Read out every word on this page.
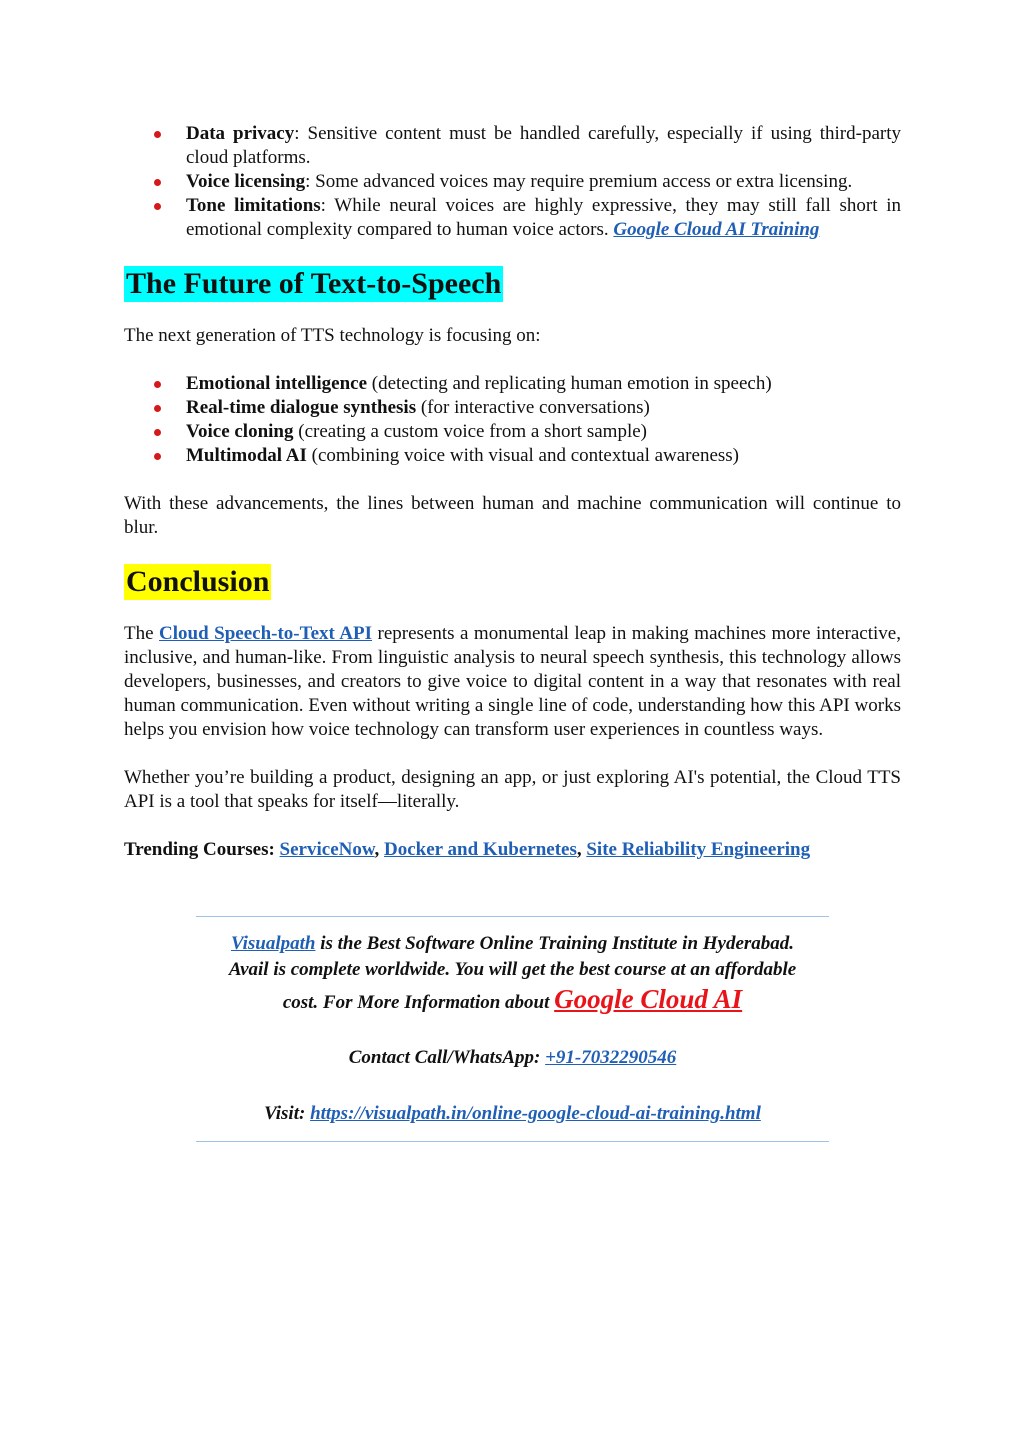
Data privacy: Sensitive content must be handled carefully, especially if using third-party cloud platforms.
Voice licensing: Some advanced voices may require premium access or extra licensing.
Tone limitations: While neural voices are highly expressive, they may still fall short in emotional complexity compared to human voice actors. Google Cloud AI Training
The Future of Text-to-Speech

The next generation of TTS technology is focusing on:

Emotional intelligence (detecting and replicating human emotion in speech)
Real-time dialogue synthesis (for interactive conversations)
Voice cloning (creating a custom voice from a short sample)
Multimodal AI (combining voice with visual and contextual awareness)

With these advancements, the lines between human and machine communication will continue to blur.

Conclusion

The Cloud Speech-to-Text API represents a monumental leap in making machines more interactive, inclusive, and human-like. From linguistic analysis to neural speech synthesis, this technology allows developers, businesses, and creators to give voice to digital content in a way that resonates with real human communication. Even without writing a single line of code, understanding how this API works helps you envision how voice technology can transform user experiences in countless ways.

Whether you’re building a product, designing an app, or just exploring AI's potential, the Cloud TTS API is a tool that speaks for itself—literally.

Trending Courses: ServiceNow, Docker and Kubernetes, Site Reliability Engineering

Visualpath is the Best Software Online Training Institute in Hyderabad.
Avail is complete worldwide. You will get the best course at an affordable
cost. For More Information about Google Cloud AI
Contact Call/WhatsApp: +91-7032290546
Visit: https://visualpath.in/online-google-cloud-ai-training.html
